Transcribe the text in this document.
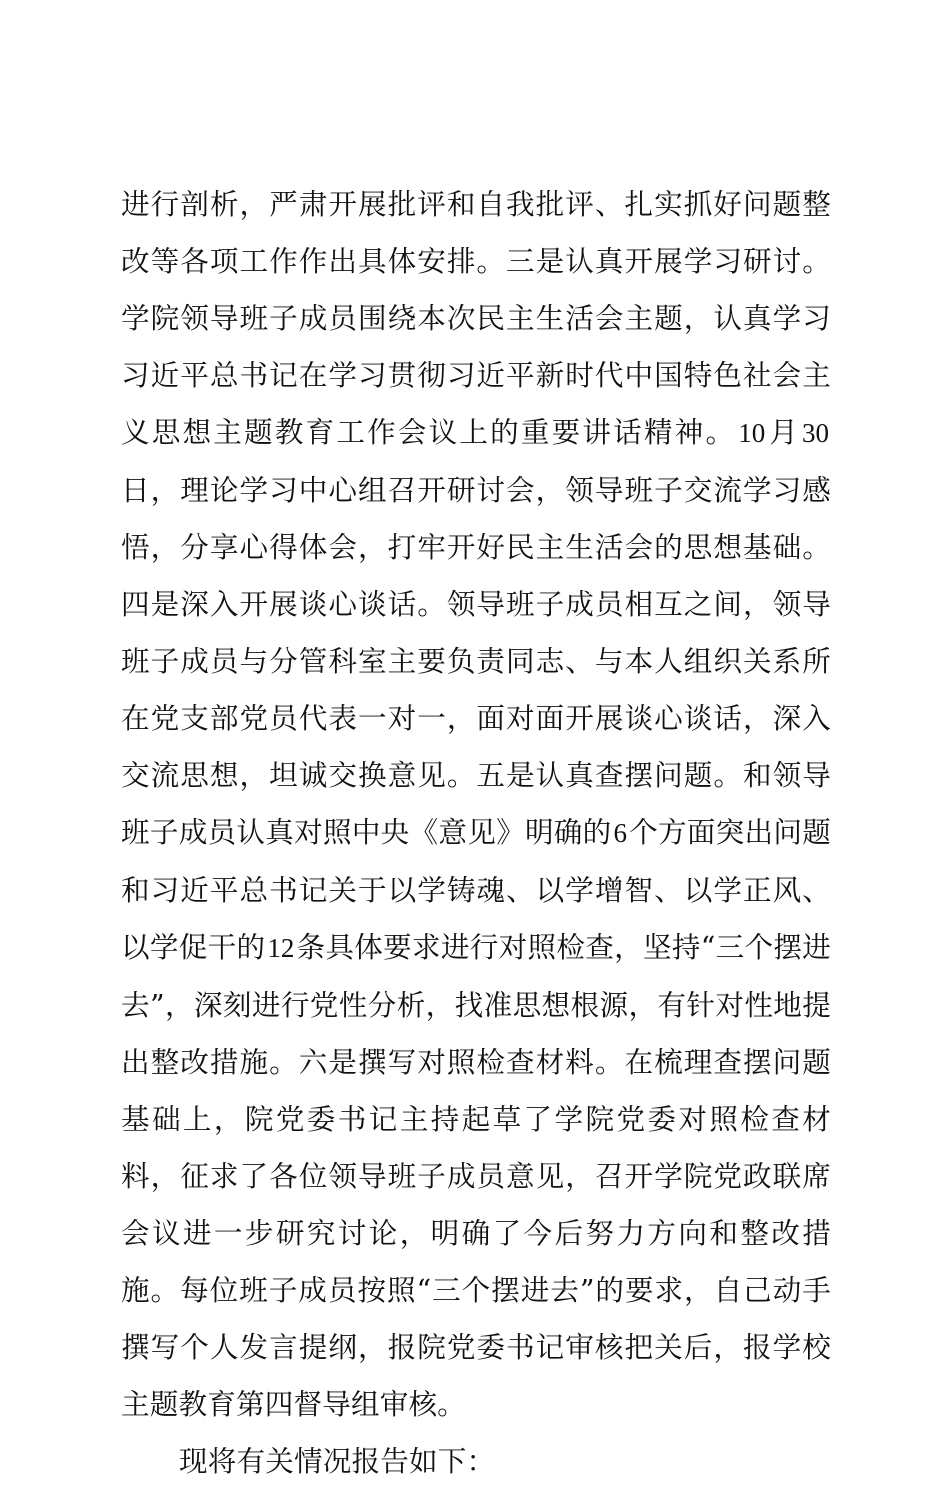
进行剖析，严肃开展批评和自我批评、扎实抓好问题整改等各项工作作出具体安排。三是认真开展学习研讨。学院领导班子成员围绕本次民主生活会主题，认真学习习近平总书记在学习贯彻习近平新时代中国特色社会主义思想主题教育工作会议上的重要讲话精神。10月30日，理论学习中心组召开研讨会，领导班子交流学习感悟，分享心得体会，打牢开好民主生活会的思想基础。四是深入开展谈心谈话。领导班子成员相互之间，领导班子成员与分管科室主要负责同志、与本人组织关系所在党支部党员代表一对一，面对面开展谈心谈话，深入交流思想，坦诚交换意见。五是认真查摆问题。和领导班子成员认真对照中央《意见》明确的6个方面突出问题和习近平总书记关于以学铸魂、以学增智、以学正风、以学促干的12条具体要求进行对照检查，坚持“三个摆进去”，深刻进行党性分析，找准思想根源，有针对性地提出整改措施。六是撰写对照检查材料。在梳理查摆问题基础上，院党委书记主持起草了学院党委对照检查材料，征求了各位领导班子成员意见，召开学院党政联席会议进一步研究讨论，明确了今后努力方向和整改措施。每位班子成员按照“三个摆进去”的要求，自己动手撰写个人发言提纲，报院党委书记审核把关后，报学校主题教育第四督导组审核。

现将有关情况报告如下：
